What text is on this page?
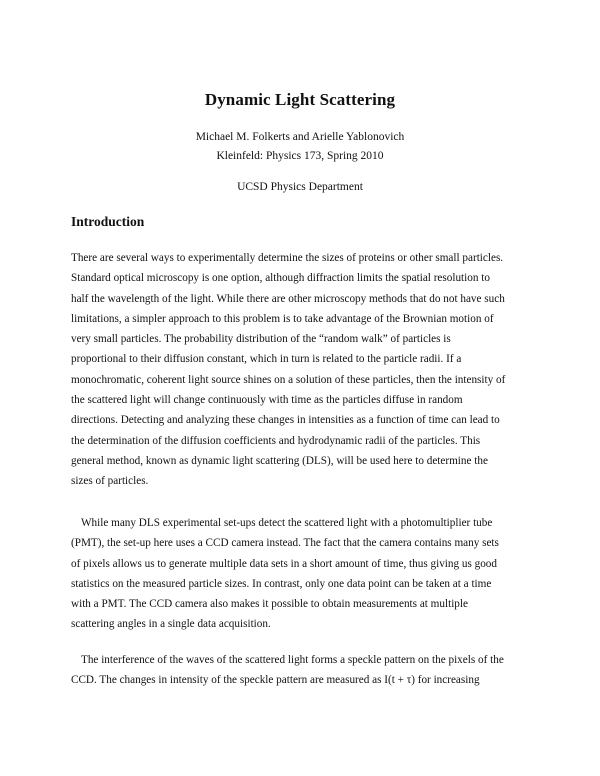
Dynamic Light Scattering
Michael M. Folkerts and Arielle Yablonovich
Kleinfeld: Physics 173, Spring 2010
UCSD Physics Department
Introduction
There are several ways to experimentally determine the sizes of proteins or other small particles.
Standard optical microscopy is one option, although diffraction limits the spatial resolution to
half the wavelength of the light. While there are other microscopy methods that do not have such
limitations, a simpler approach to this problem is to take advantage of the Brownian motion of
very small particles. The probability distribution of the “random walk” of particles is
proportional to their diffusion constant, which in turn is related to the particle radii. If a
monochromatic, coherent light source shines on a solution of these particles, then the intensity of
the scattered light will change continuously with time as the particles diffuse in random
directions. Detecting and analyzing these changes in intensities as a function of time can lead to
the determination of the diffusion coefficients and hydrodynamic radii of the particles. This
general method, known as dynamic light scattering (DLS), will be used here to determine the
sizes of particles.
While many DLS experimental set-ups detect the scattered light with a photomultiplier tube
(PMT), the set-up here uses a CCD camera instead. The fact that the camera contains many sets
of pixels allows us to generate multiple data sets in a short amount of time, thus giving us good
statistics on the measured particle sizes. In contrast, only one data point can be taken at a time
with a PMT. The CCD camera also makes it possible to obtain measurements at multiple
scattering angles in a single data acquisition.
The interference of the waves of the scattered light forms a speckle pattern on the pixels of the
CCD. The changes in intensity of the speckle pattern are measured as I(t + τ) for increasing
